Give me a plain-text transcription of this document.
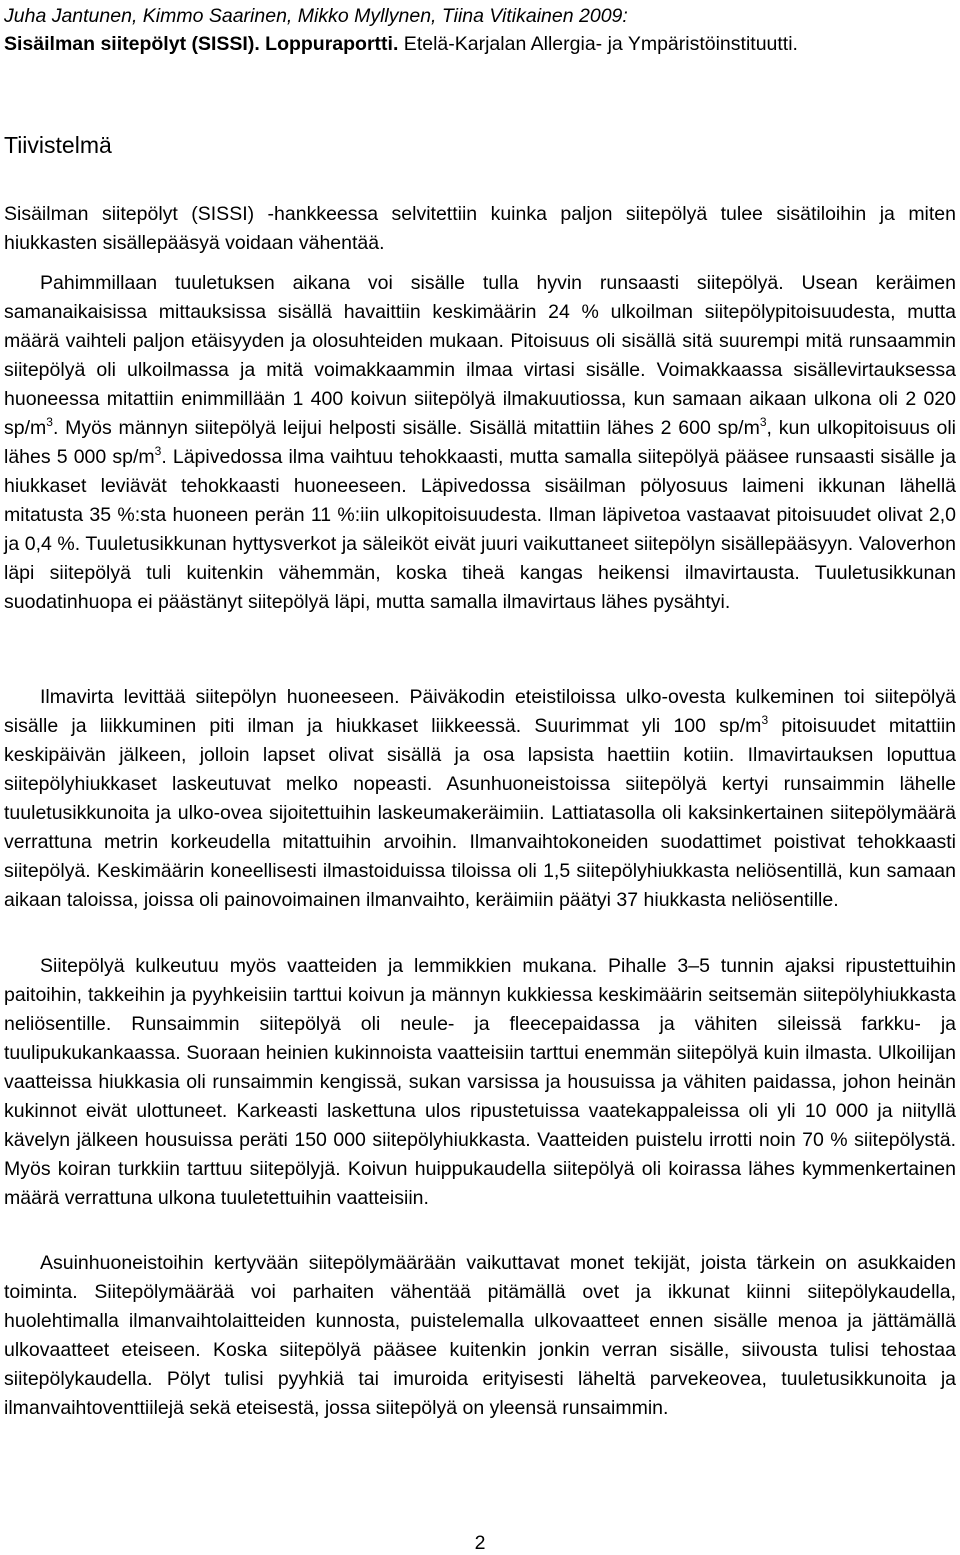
Juha Jantunen, Kimmo Saarinen, Mikko Myllynen, Tiina Vitikainen 2009:
Sisäilman siitepölyt (SISSI). Loppuraportti. Etelä-Karjalan Allergia- ja Ympäristöinstituutti.
Tiivistelmä

Sisäilman siitepölyt (SISSI) -hankkeessa selvitettiin kuinka paljon siitepölyä tulee sisätiloihin ja miten hiukkasten sisällepääsyä voidaan vähentää.

Pahimmillaan tuuletuksen aikana voi sisälle tulla hyvin runsaasti siitepölyä. Usean keräimen samanaikaisissa mittauksissa sisällä havaittiin keskimäärin 24 % ulkoilman siitepölypitoisuudesta, mutta määrä vaihteli paljon etäisyyden ja olosuhteiden mukaan. Pitoisuus oli sisällä sitä suurempi mitä runsaammin siitepölyä oli ulkoilmassa ja mitä voimakkaammin ilmaa virtasi sisälle. Voimakkaassa sisällevirtauksessa huoneessa mitattiin enimmillään 1 400 koivun siitepölyä ilmakuutiossa, kun samaan aikaan ulkona oli 2 020 $sp/m^3$. Myös männyn siitepölyä leijui helposti sisälle. Sisällä mitattiin lähes 2 600 $sp/m^3$, kun ulkopitoisuus oli lähes 5 000 $sp/m^3$. Läpivedossa ilma vaihtuu tehokkaasti, mutta samalla siitepölyä pääsee runsaasti sisälle ja hiukkaset leviävät tehokkaasti huoneeseen. Läpivedossa sisäilman pölyosuus laimeni ikkunan lähellä mitatusta 35 %:sta huoneen perän 11 %:iin ulkopitoisuudesta. Ilman läpivetoa vastaavat pitoisuudet olivat 2,0 ja 0,4 %. Tuuletusikkunan hyttysverkot ja säleiköt eivät juuri vaikuttaneet siitepölyn sisällepääsyyn. Valoverhon läpi siitepölyä tuli kuitenkin vähemmän, koska tiheä kangas heikensi ilmavirtausta. Tuuletusikkunan suodatinhuopa ei päästänyt siitepölyä läpi, mutta samalla ilmavirtaus lähes pysähtyi.

Ilmavirta levittää siitepölyn huoneeseen. Päiväkodin eteistiloissa ulko-ovesta kulkeminen toi siitepölyä sisälle ja liikkuminen piti ilman ja hiukkaset liikkeessä. Suurimmat yli 100 $sp/m^3$ pitoisuudet mitattiin keskipäivän jälkeen, jolloin lapset olivat sisällä ja osa lapsista haettiin kotiin. Ilmavirtauksen loputtua siitepölyhiukkaset laskeutuvat melko nopeasti. Asunhuoneistoissa siitepölyä kertyi runsaimmin lähelle tuuletusikkunoita ja ulko-ovea sijoitettuihin laskeumakeräimiin. Lattiatasolla oli kaksinkertainen siitepölymäärä verrattuna metrin korkeudella mitattuihin arvoihin. Ilmanvaihtokoneiden suodattimet poistivat tehokkaasti siitepölyä. Keskimäärin koneellisesti ilmastoiduissa tiloissa oli 1,5 siitepölyhiukkasta neliösentillä, kun samaan aikaan taloissa, joissa oli painovoimainen ilmanvaihto, keräimiin päätyi 37 hiukkasta neliösentille.

Siitepölyä kulkeutuu myös vaatteiden ja lemmikkien mukana. Pihalle 3–5 tunnin ajaksi ripustettuihin paitoihin, takkeihin ja pyyhkeisiin tarttui koivun ja männyn kukkiessa keskimäärin seitsemän siitepölyhiukkasta neliösentille. Runsaimmin siitepölyä oli neule- ja fleecepaidassa ja vähiten sileissä farkku- ja tuulipukukankaassa. Suoraan heinien kukinnoista vaatteisiin tarttui enemmän siitepölyä kuin ilmasta. Ulkoilijan vaatteissa hiukkasia oli runsaimmin kengissä, sukan varsissa ja housuissa ja vähiten paidassa, johon heinän kukinnot eivät ulottuneet. Karkeasti laskettuna ulos ripustetuissa vaatekappaleissa oli yli 10 000 ja niityllä kävelyn jälkeen housuissa peräti 150 000 siitepölyhiukkasta. Vaatteiden puistelu irrotti noin 70 % siitepölystä. Myös koiran turkkiin tarttuu siitepölyjä. Koivun huippukaudella siitepölyä oli koirassa lähes kymmenkertainen määrä verrattuna ulkona tuuletettuihin vaatteisiin.

Asuinhuoneistoihin kertyvään siitepölymäärään vaikuttavat monet tekijät, joista tärkein on asukkaiden toiminta. Siitepölymäärää voi parhaiten vähentää pitämällä ovet ja ikkunat kiinni siitepölykaudella, huolehtimalla ilmanvaihtolaitteiden kunnosta, puistelemalla ulkovaatteet ennen sisälle menoa ja jättämällä ulkovaatteet eteiseen. Koska siitepölyä pääsee kuitenkin jonkin verran sisälle, siivousta tulisi tehostaa siitepölykaudella. Pölyt tulisi pyyhkiä tai imuroida erityisesti läheltä parvekeovea, tuuletusikkunoita ja ilmanvaihtoventtiilejä sekä eteisestä, jossa siitepölyä on yleensä runsaimmin.

2
